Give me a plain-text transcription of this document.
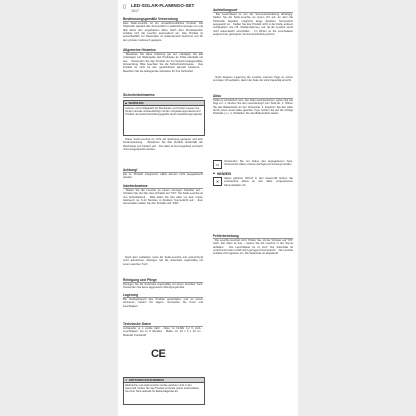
▯ LED-SOLAR-FLAMINGO-SET
1617
Bestimmungsgemäße Verwendung
Dies Solar-Leuchte ist ein umweltfreundliches Produkt. Die Solarzelle wandelt das Sonnenlicht in elektrische Energie um und lädt damit den eingebauten Akku. Nach dem Dunkelwerden schaltet sich die Leuchte automatisch ein. Das Produkt ist ausschließlich zur Dekoration im Außenbereich bestimmt und für den privaten Gebrauch geeignet.
Allgemeine Hinweise
· Bewahren Sie diese Anleitung gut auf. Händigen Sie alle Unterlagen bei Weitergabe des Produktes an Dritte ebenfalls mit aus. · Verwenden Sie das Produkt nur zur bestimmungsgemäßen Verwendung. Bitte beachten Sie die Sicherheitshinweise. · Das Produkt ist nicht für den gewerblichen Einsatz bestimmt. · Beachten Sie die beiliegenden Hinweise für Ihre Sicherheit.
Sicherheitshinweise
WARNUNG
Lebens- und Unfallgefahr für Kleinkinder und Kinder! Lassen Sie Kinder niemals unbeaufsichtigt mit dem Verpackungsmaterial und Produkt. Es besteht Erstickungsgefahr durch Verpackungsmaterial.
· Diese Solar-Leuchte ist nicht als Spielzeug geeignet und kein Kinderspielzeug. · Bewahren Sie das Produkt außerhalb der Reichweite von Kindern auf. · Der Akku ist fest eingebaut und kann nicht ausgetauscht werden.
Achtung!
Die im Produkt integrierten LEDs können nicht ausgetauscht werden.
Inbetriebnahme
· Stellen Sie die Leuchte an einem sonnigen Standort auf. · Schalten Sie den Ein-/Aus-Schalter auf "ON". Die Solar-Leuchte ist nun betriebsbereit. · Bitte laden Sie den Akku vor dem ersten Gebrauch ca. 6-12 Stunden in direktem Sonnenlicht auf. · Zum Ausschalten stellen Sie den Schalter auf "OFF".
· Nach dem Aufstellen muss die Solar-Leuchte erst ausreichend Licht aufnehmen. Reinigen Sie die Solarzelle regelmäßig mit einem weichen Tuch.
Reinigung und Pflege
Reinigen Sie die Solarzelle regelmäßig mit einem feuchten Tuch. Verwenden Sie keine aggressiven Reinigungsmittel.
Lagerung
Bei Nichtgebrauch das Produkt ausschalten und an einem trockenen, kühlen Ort lagern. Vermeiden Sie Frost und Feuchtigkeit.
Technische Daten
Lichtquelle: je 1 weiße LED · Akku: 1x Ni-MH 1,2 V, AAA · Leuchtdauer: bis zu 8 Stunden · Maße: ca. 15 x 6 x 32 cm · Material: Kunststoff
CE
✕ ENTSORGUNGSHINWEIS
Elektrische und elektronische Geräte gehören nicht in den Hausmüll. Geben Sie das Produkt am Ende seiner Lebensdauer bei einer Sammelstelle für Elektroaltgeräte ab.
Aufstellungsort
· Die Leuchtdauer ist von der Sonneneinstrahlung abhängig. Stellen Sie die Solar-Leuchte an einem Ort auf, an dem die Solarzelle tagsüber möglichst lange direktem Sonnenlicht ausgesetzt ist. · Stellen Sie das Produkt nicht in der Nähe anderer Lichtquellen, wie z.B. Straßenlaternen, auf, da die Leuchte sonst nicht automatisch einschaltet. · Im Winter ist die Leuchtdauer aufgrund der geringeren Sonneneinstrahlung kürzer.
· Nach längerer Lagerung die Leuchte mehrere Tage an einem sonnigen Ort aufladen, damit der Akku die volle Kapazität erreicht.
Akku
Sollte es erforderlich sein, den Akku auszutauschen, gehen Sie wie folgt vor: 1. Drehen Sie den Leuchtenkopf vom Stab ab. 2. Öffnen Sie das Batteriefach an der Unterseite. 3. Ersetzen Sie den Akku durch einen neuen Akku gleichen Typs. Achten Sie auf die richtige Polarität (+/-). 4. Schließen Sie das Batteriefach wieder.
▭
Verwenden Sie nur Akkus des angegebenen Typs. Verbrauchte Akkus müssen fachgerecht entsorgt werden.
HINWEIS
✕
Akkus gehören NICHT in den Hausmüll! Geben Sie verbrauchte Akkus an den dafür vorgesehenen Sammelstellen ab.
Fehlerbehebung
· Die Leuchte leuchtet nicht: Prüfen Sie, ob der Schalter auf "ON" steht. Der Akku ist leer – lassen Sie die Leuchte in der Sonne aufladen. · Die Leuchtdauer ist zu kurz: Die Solarzelle ist verschmutzt oder erhält nicht genügend Sonnenlicht. · Die Leuchte schaltet sich tagsüber ein: Die Solarzelle ist abgedeckt.
